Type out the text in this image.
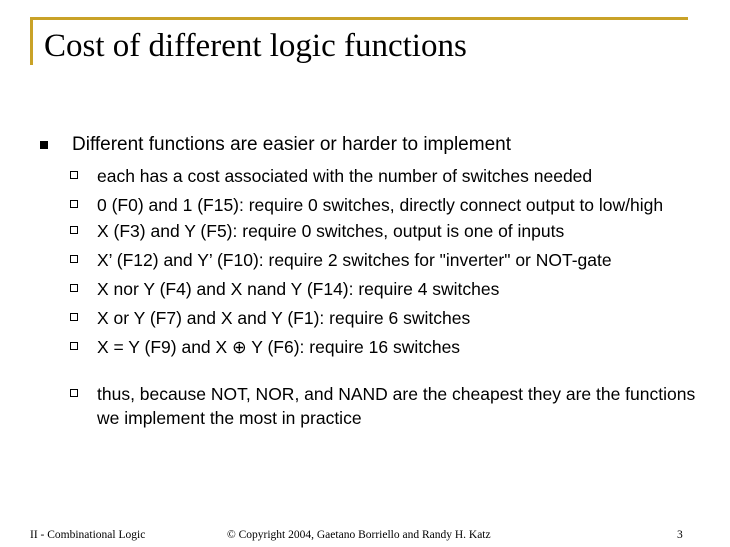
Cost of different logic functions
Different functions are easier or harder to implement
each has a cost associated with the number of switches needed
0 (F0) and 1 (F15): require 0 switches, directly connect output to low/high
X (F3) and Y (F5): require 0 switches, output is one of inputs
X’ (F12) and Y’ (F10): require 2 switches for "inverter" or NOT-gate
X nor Y (F4) and X nand Y (F14): require 4 switches
X or Y (F7) and X and Y (F1): require 6 switches
X = Y (F9) and X ⊕ Y (F6): require 16 switches
thus, because NOT, NOR, and NAND are the cheapest they are the functions we implement the most in practice
II - Combinational Logic	© Copyright 2004, Gaetano Borriello and Randy H. Katz	3
